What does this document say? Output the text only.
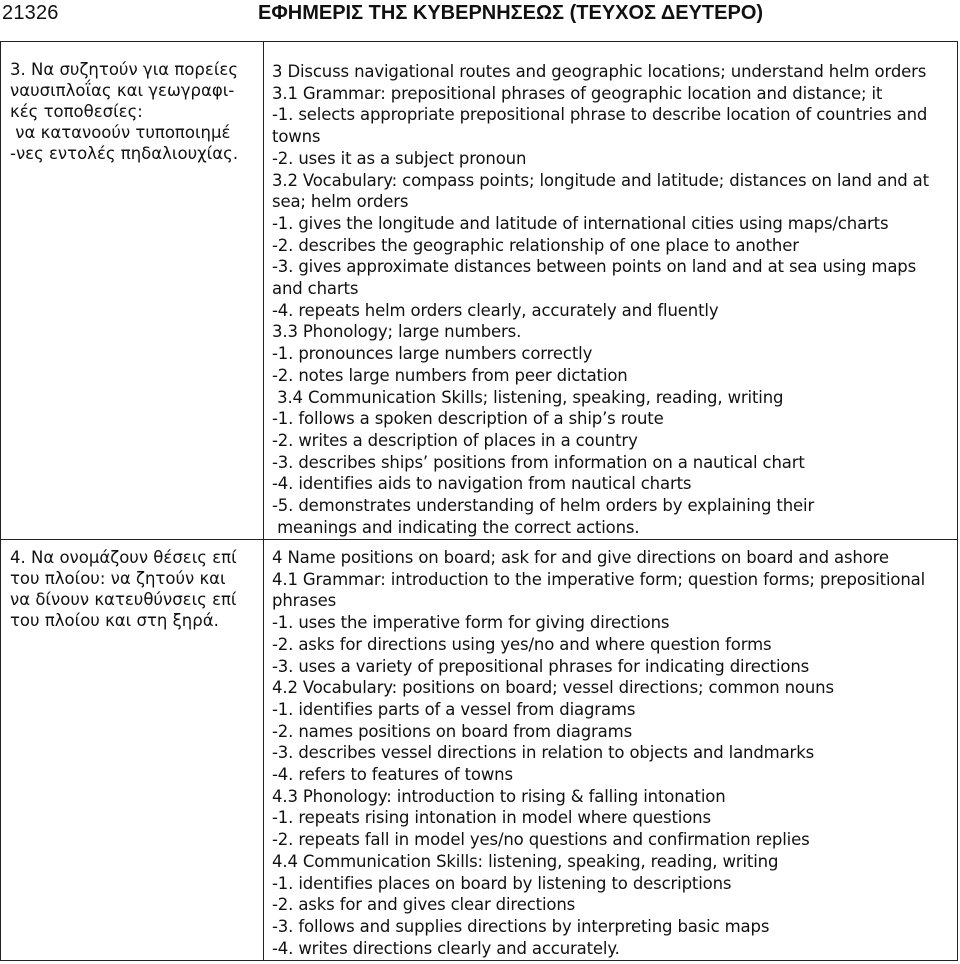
21326	ΕΦΗΜΕΡΙΣ ΤΗΣ ΚΥΒΕΡΝΗΣΕΩΣ (ΤΕΥΧΟΣ ΔΕΥΤΕΡΟ)
3. Να συζητούν για πορείες
ναυσιπλοΐας και γεωγραφι-
κές τοποθεσίες:
να κατανοούν τυποποιημέ
-νες εντολές πηδαλιουχίας.
3 Discuss navigational routes and geographic locations; understand helm orders
3.1 Grammar: prepositional phrases of geographic location and distance; it
-1. selects appropriate prepositional phrase to describe location of countries and
towns
-2. uses it as a subject pronoun
3.2 Vocabulary: compass points; longitude and latitude; distances on land and at
sea; helm orders
-1. gives the longitude and latitude of international cities using maps/charts
-2. describes the geographic relationship of one place to another
-3. gives approximate distances between points on land and at sea using maps
and charts
-4. repeats helm orders clearly, accurately and fluently
3.3 Phonology; large numbers.
-1. pronounces large numbers correctly
-2. notes large numbers from peer dictation
3.4 Communication Skills; listening, speaking, reading, writing
-1. follows a spoken description of a ship’s route
-2. writes a description of places in a country
-3. describes ships’ positions from information on a nautical chart
-4. identifies aids to navigation from nautical charts
-5. demonstrates understanding of helm orders by explaining their
meanings and indicating the correct actions.
4. Να ονομάζουν θέσεις επί
του πλοίου: να ζητούν και
να δίνουν κατευθύνσεις επί
του πλοίου και στη ξηρά.
4 Name positions on board; ask for and give directions on board and ashore
4.1 Grammar: introduction to the imperative form; question forms; prepositional
phrases
-1. uses the imperative form for giving directions
-2. asks for directions using yes/no and where question forms
-3. uses a variety of prepositional phrases for indicating directions
4.2 Vocabulary: positions on board; vessel directions; common nouns
-1. identifies parts of a vessel from diagrams
-2. names positions on board from diagrams
-3. describes vessel directions in relation to objects and landmarks
-4. refers to features of towns
4.3 Phonology: introduction to rising & falling intonation
-1. repeats rising intonation in model where questions
-2. repeats fall in model yes/no questions and confirmation replies
4.4 Communication Skills: listening, speaking, reading, writing
-1. identifies places on board by listening to descriptions
-2. asks for and gives clear directions
-3. follows and supplies directions by interpreting basic maps
-4. writes directions clearly and accurately.
